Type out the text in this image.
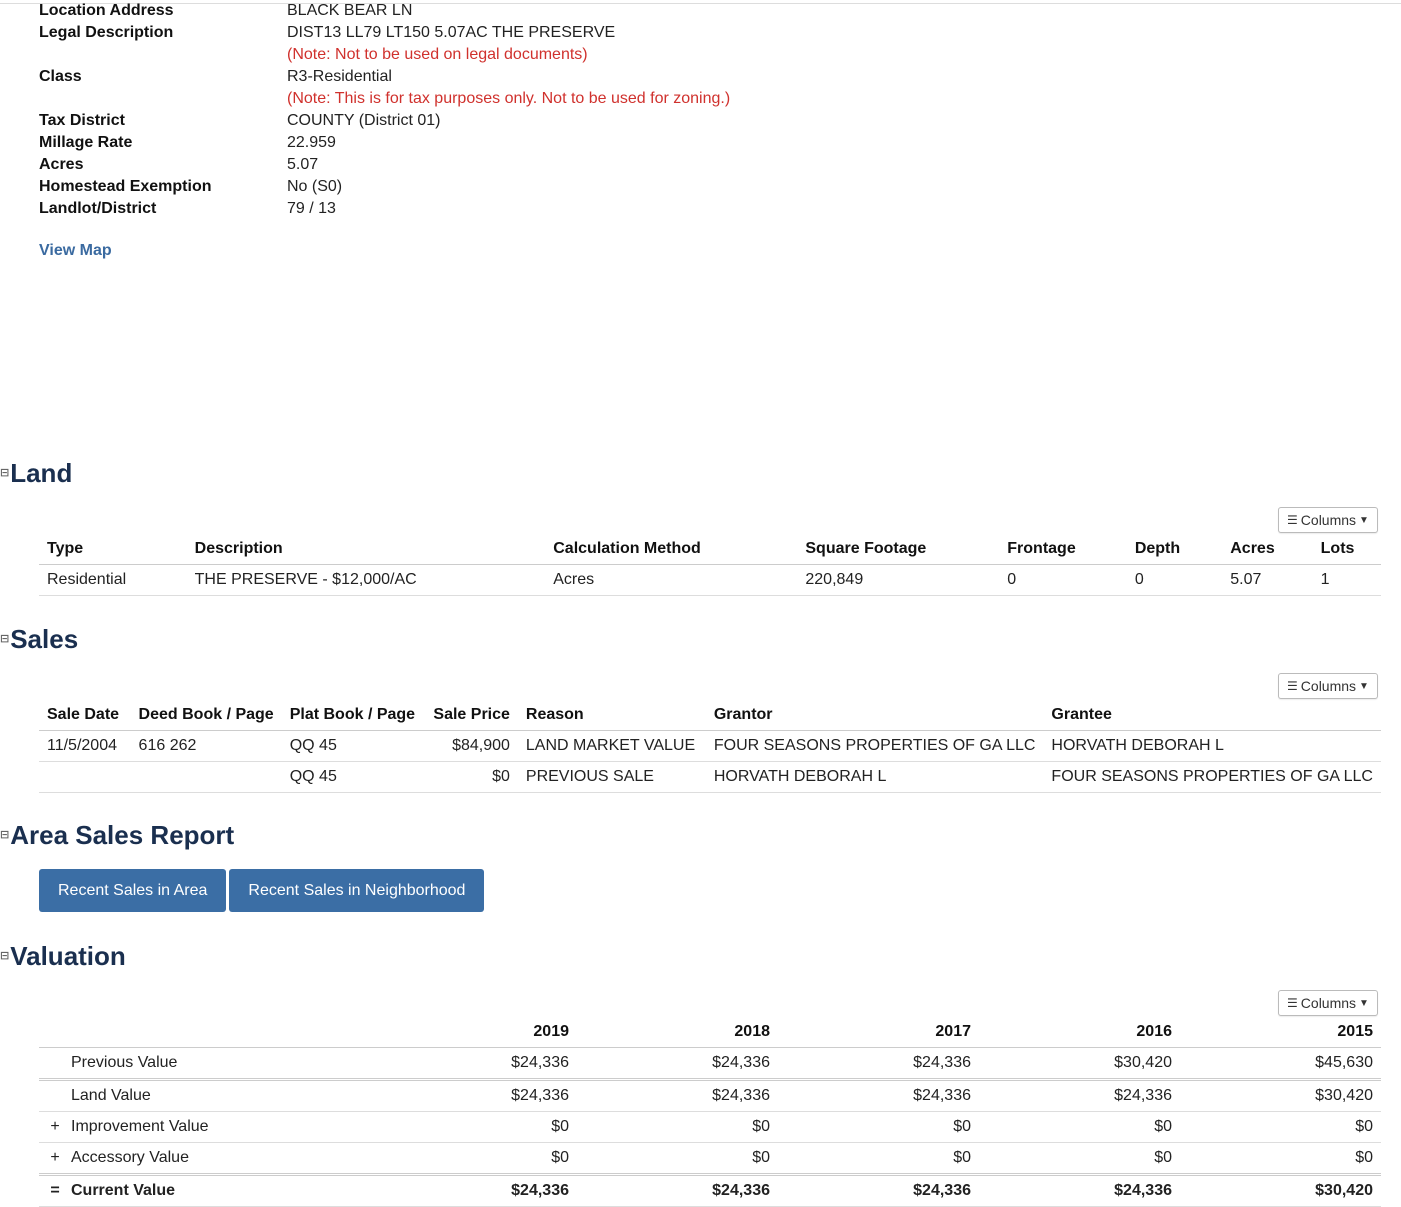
Location Address	BLACK BEAR LN
Legal Description	DIST13 LL79 LT150 5.07AC THE PRESERVE
(Note: Not to be used on legal documents)
Class	R3-Residential
(Note: This is for tax purposes only. Not to be used for zoning.)
Tax District	COUNTY (District 01)
Millage Rate	22.959
Acres	5.07
Homestead Exemption	No (S0)
Landlot/District	79 / 13
View Map
⊟Land
☰ Columns ▼
Type	Description	Calculation Method	Square Footage	Frontage	Depth	Acres	Lots
Residential	THE PRESERVE - $12,000/AC	Acres	220,849	0	0	5.07	1
⊟Sales
☰ Columns ▼
Sale Date	Deed Book / Page	Plat Book / Page	Sale Price	Reason	Grantor	Grantee
11/5/2004	616 262	QQ 45	$84,900	LAND MARKET VALUE	FOUR SEASONS PROPERTIES OF GA LLC	HORVATH DEBORAH L
		QQ 45	$0	PREVIOUS SALE	HORVATH DEBORAH L	FOUR SEASONS PROPERTIES OF GA LLC
⊟Area Sales Report
Recent Sales in Area	Recent Sales in Neighborhood
⊟Valuation
☰ Columns ▼
		2019	2018	2017	2016	2015
	Previous Value	$24,336	$24,336	$24,336	$30,420	$45,630
	Land Value	$24,336	$24,336	$24,336	$24,336	$30,420
+	Improvement Value	$0	$0	$0	$0	$0
+	Accessory Value	$0	$0	$0	$0	$0
=	Current Value	$24,336	$24,336	$24,336	$24,336	$30,420
